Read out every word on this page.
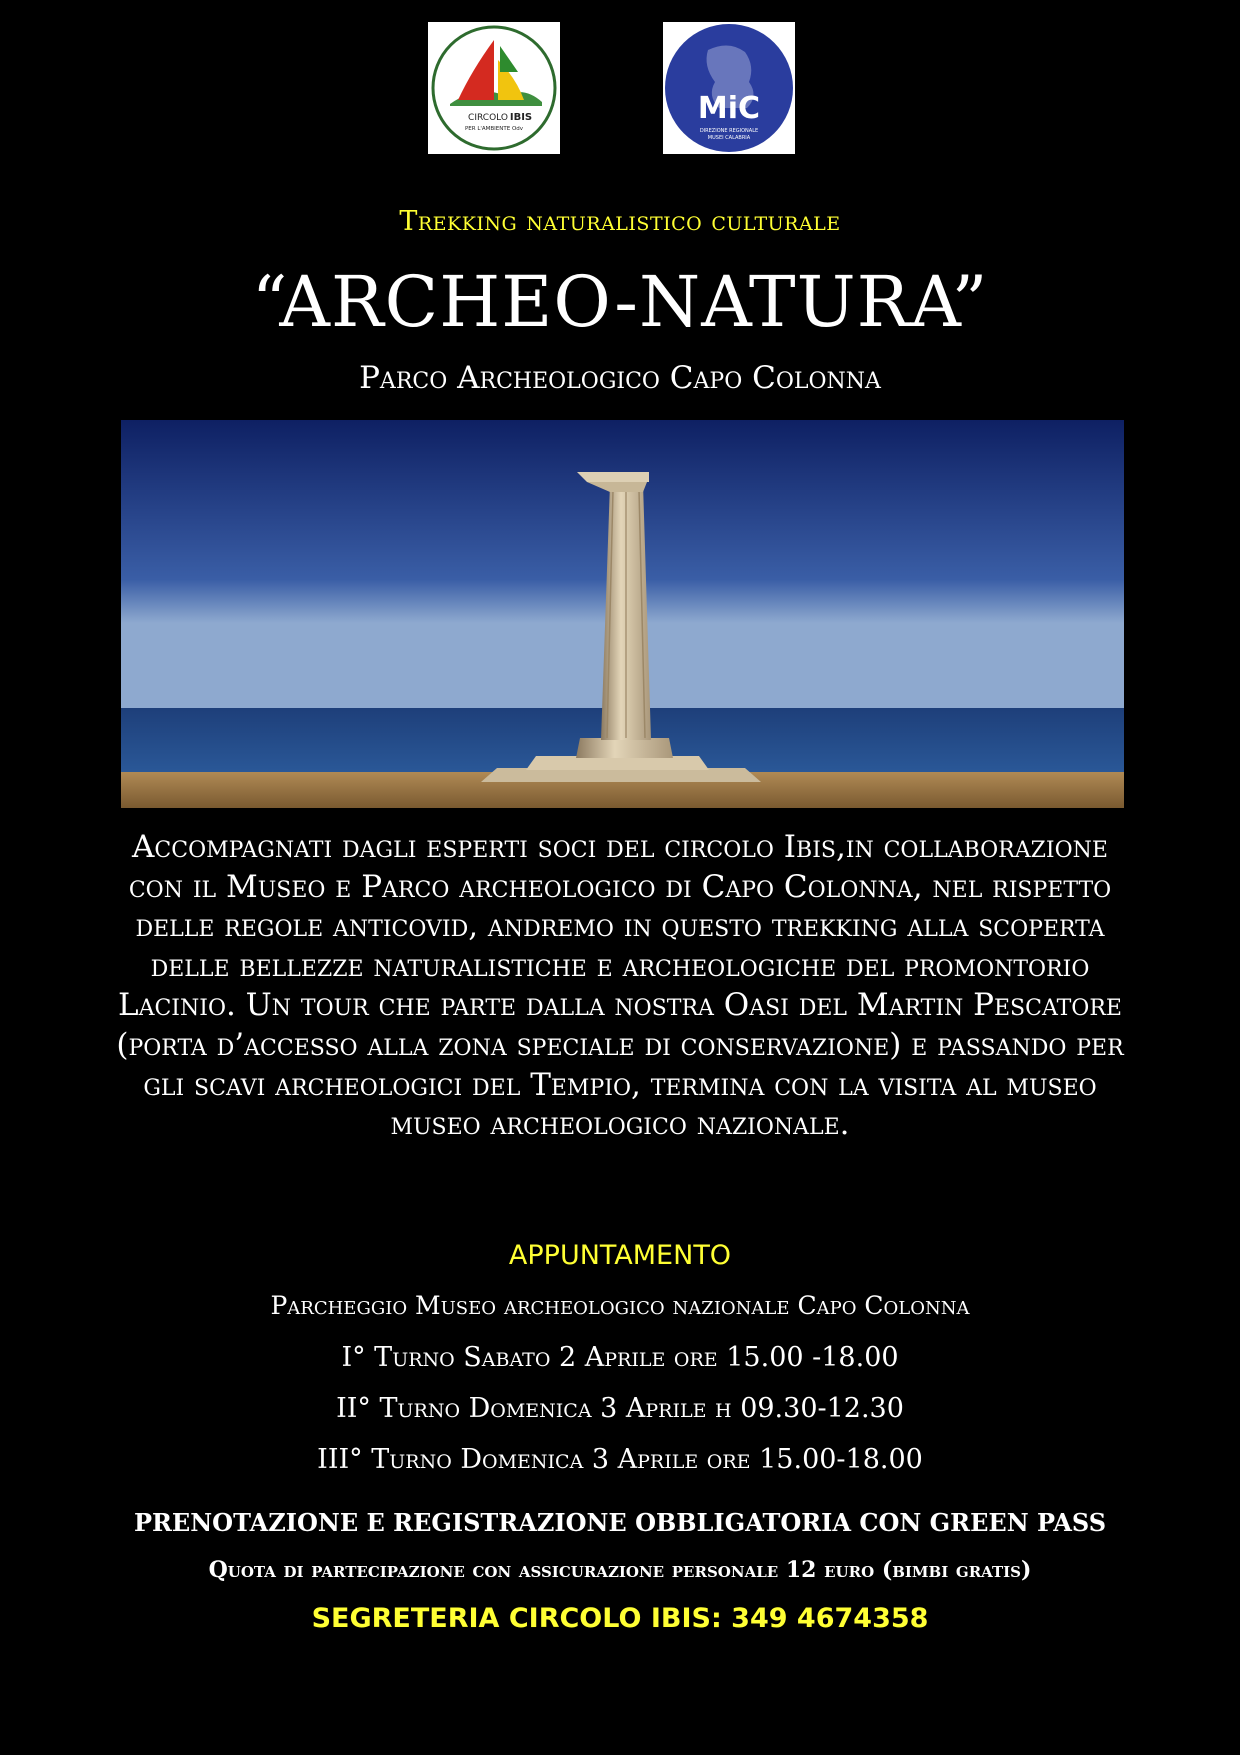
CIRCOLO IBIS
PER L'AMBIENTE Odv
MiC
DIREZIONE REGIONALE
MUSEI CALABRIA
Trekking naturalistico culturale
“ARCHEO-NATURA”
Parco Archeologico Capo Colonna
Accompagnati dagli esperti soci del circolo Ibis,in collaborazione con il Museo e Parco archeologico di Capo Colonna, nel rispetto delle regole anticovid, andremo in questo trekking alla scoperta delle bellezze naturalistiche e archeologiche del promontorio Lacinio. Un tour che parte dalla nostra Oasi del Martin Pescatore (porta d’accesso alla zona speciale di conservazione) e passando per gli scavi archeologici del Tempio, termina con la visita al museo museo archeologico nazionale.
APPUNTAMENTO
Parcheggio Museo archeologico nazionale Capo Colonna
I° Turno Sabato 2 Aprile ore 15.00 -18.00
II° Turno Domenica 3 Aprile h 09.30-12.30
III° Turno Domenica 3 Aprile ore 15.00-18.00
PRENOTAZIONE E REGISTRAZIONE OBBLIGATORIA CON GREEN PASS
Quota di partecipazione con assicurazione personale 12 euro (bimbi gratis)
SEGRETERIA CIRCOLO IBIS: 349 4674358
